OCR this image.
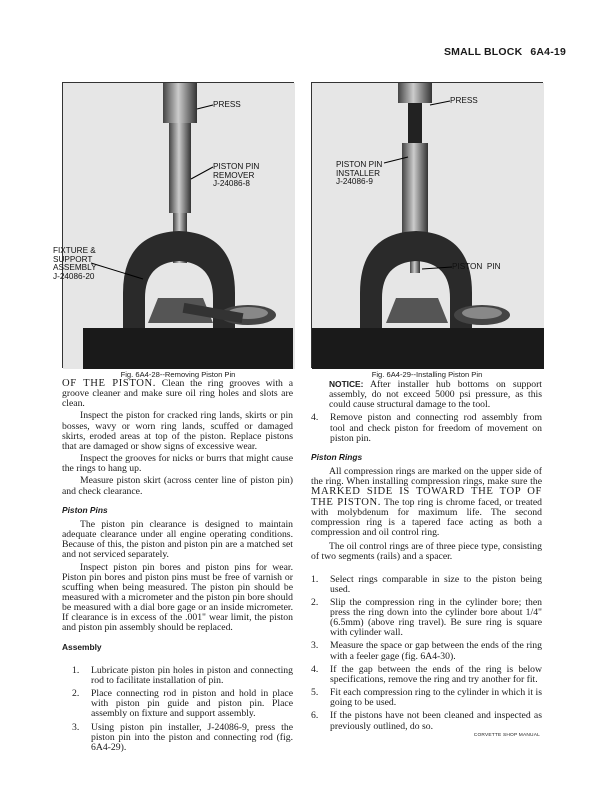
SMALL BLOCK 6A4-19
PRESS
PISTON PIN
REMOVER
J-24086-8
FIXTURE &
SUPPORT
ASSEMBLY
J-24086-20
Fig. 6A4-28--Removing Piston Pin
PRESS
PISTON PIN
INSTALLER
J-24086-9
PISTON  PIN
Fig. 6A4-29--Installing Piston Pin

OF THE PISTON. Clean the ring grooves with a groove cleaner and make sure oil ring holes and slots are clean.

Inspect the piston for cracked ring lands, skirts or pin bosses, wavy or worn ring lands, scuffed or damaged skirts, eroded areas at top of the piston. Replace pistons that are damaged or show signs of excessive wear.

Inspect the grooves for nicks or burrs that might cause the rings to hang up.

Measure piston skirt (across center line of piston pin) and check clearance.

Piston Pins

The piston pin clearance is designed to maintain adequate clearance under all engine operating conditions. Because of this, the piston and piston pin are a matched set and not serviced separately.

Inspect piston pin bores and piston pins for wear. Piston pin bores and piston pins must be free of varnish or scuffing when being measured. The piston pin should be measured with a micrometer and the piston pin bore should be measured with a dial bore gage or an inside micrometer. If clearance is in excess of the .001" wear limit, the piston and piston pin assembly should be replaced.

Assembly
1. Lubricate piston pin holes in piston and connecting rod to facilitate installation of pin.
2. Place connecting rod in piston and hold in place with piston pin guide and piston pin. Place assembly on fixture and support assembly.
3. Using piston pin installer, J-24086-9, press the piston pin into the piston and connecting rod (fig. 6A4-29).

NOTICE: After installer hub bottoms on support assembly, do not exceed 5000 psi pressure, as this could cause structural damage to the tool.

4. Remove piston and connecting rod assembly from tool and check piston for freedom of movement on piston pin.
Piston Rings

All compression rings are marked on the upper side of the ring. When installing compression rings, make sure the MARKED SIDE IS TOWARD THE TOP OF THE PISTON. The top ring is chrome faced, or treated with molybdenum for maximum life. The second compression ring is a tapered face acting as both a compression and oil control ring.

The oil control rings are of three piece type, consisting of two segments (rails) and a spacer.

1. Select rings comparable in size to the piston being used.
2. Slip the compression ring in the cylinder bore; then press the ring down into the cylinder bore about 1/4" (6.5mm) (above ring travel). Be sure ring is square with cylinder wall.
3. Measure the space or gap between the ends of the ring with a feeler gage (fig. 6A4-30).
4. If the gap between the ends of the ring is below specifications, remove the ring and try another for fit.
5. Fit each compression ring to the cylinder in which it is going to be used.
6. If the pistons have not been cleaned and inspected as previously outlined, do so.
CORVETTE SHOP MANUAL
